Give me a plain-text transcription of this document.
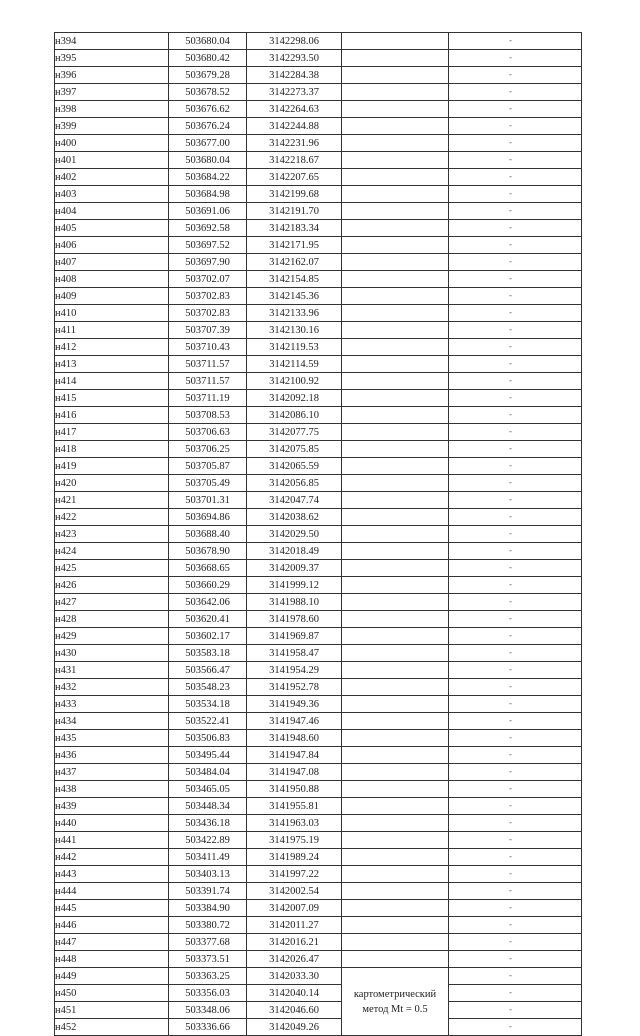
н394	503680.04	3142298.06		-

н395	503680.42	3142293.50		-

н396	503679.28	3142284.38		-

н397	503678.52	3142273.37		-

н398	503676.62	3142264.63		-

н399	503676.24	3142244.88		-

н400	503677.00	3142231.96		-

н401	503680.04	3142218.67		-

н402	503684.22	3142207.65		-

н403	503684.98	3142199.68		-

н404	503691.06	3142191.70		-

н405	503692.58	3142183.34		-

н406	503697.52	3142171.95		-

н407	503697.90	3142162.07		-

н408	503702.07	3142154.85		-

н409	503702.83	3142145.36		-

н410	503702.83	3142133.96		-

н411	503707.39	3142130.16		-

н412	503710.43	3142119.53		-

н413	503711.57	3142114.59		-

н414	503711.57	3142100.92		-

н415	503711.19	3142092.18		-

н416	503708.53	3142086.10		-

н417	503706.63	3142077.75		-

н418	503706.25	3142075.85		-

н419	503705.87	3142065.59		-

н420	503705.49	3142056.85		-

н421	503701.31	3142047.74		-

н422	503694.86	3142038.62		-

н423	503688.40	3142029.50		-

н424	503678.90	3142018.49		-

н425	503668.65	3142009.37		-

н426	503660.29	3141999.12		-

н427	503642.06	3141988.10		-

н428	503620.41	3141978.60		-

н429	503602.17	3141969.87		-

н430	503583.18	3141958.47		-

н431	503566.47	3141954.29		-

н432	503548.23	3141952.78		-

н433	503534.18	3141949.36		-

н434	503522.41	3141947.46		-

н435	503506.83	3141948.60		-

н436	503495.44	3141947.84		-

н437	503484.04	3141947.08		-

н438	503465.05	3141950.88		-

н439	503448.34	3141955.81		-

н440	503436.18	3141963.03		-

н441	503422.89	3141975.19		-

н442	503411.49	3141989.24		-

н443	503403.13	3141997.22		-

н444	503391.74	3142002.54		-

н445	503384.90	3142007.09		-

н446	503380.72	3142011.27		-

н447	503377.68	3142016.21		-

н448	503373.51	3142026.47		-

н449	503363.25	3142033.30	картометрический
метод Mt = 0.5	-

н450	503356.03	3142040.14		-

н451	503348.06	3142046.60		-

н452	503336.66	3142049.26		-
